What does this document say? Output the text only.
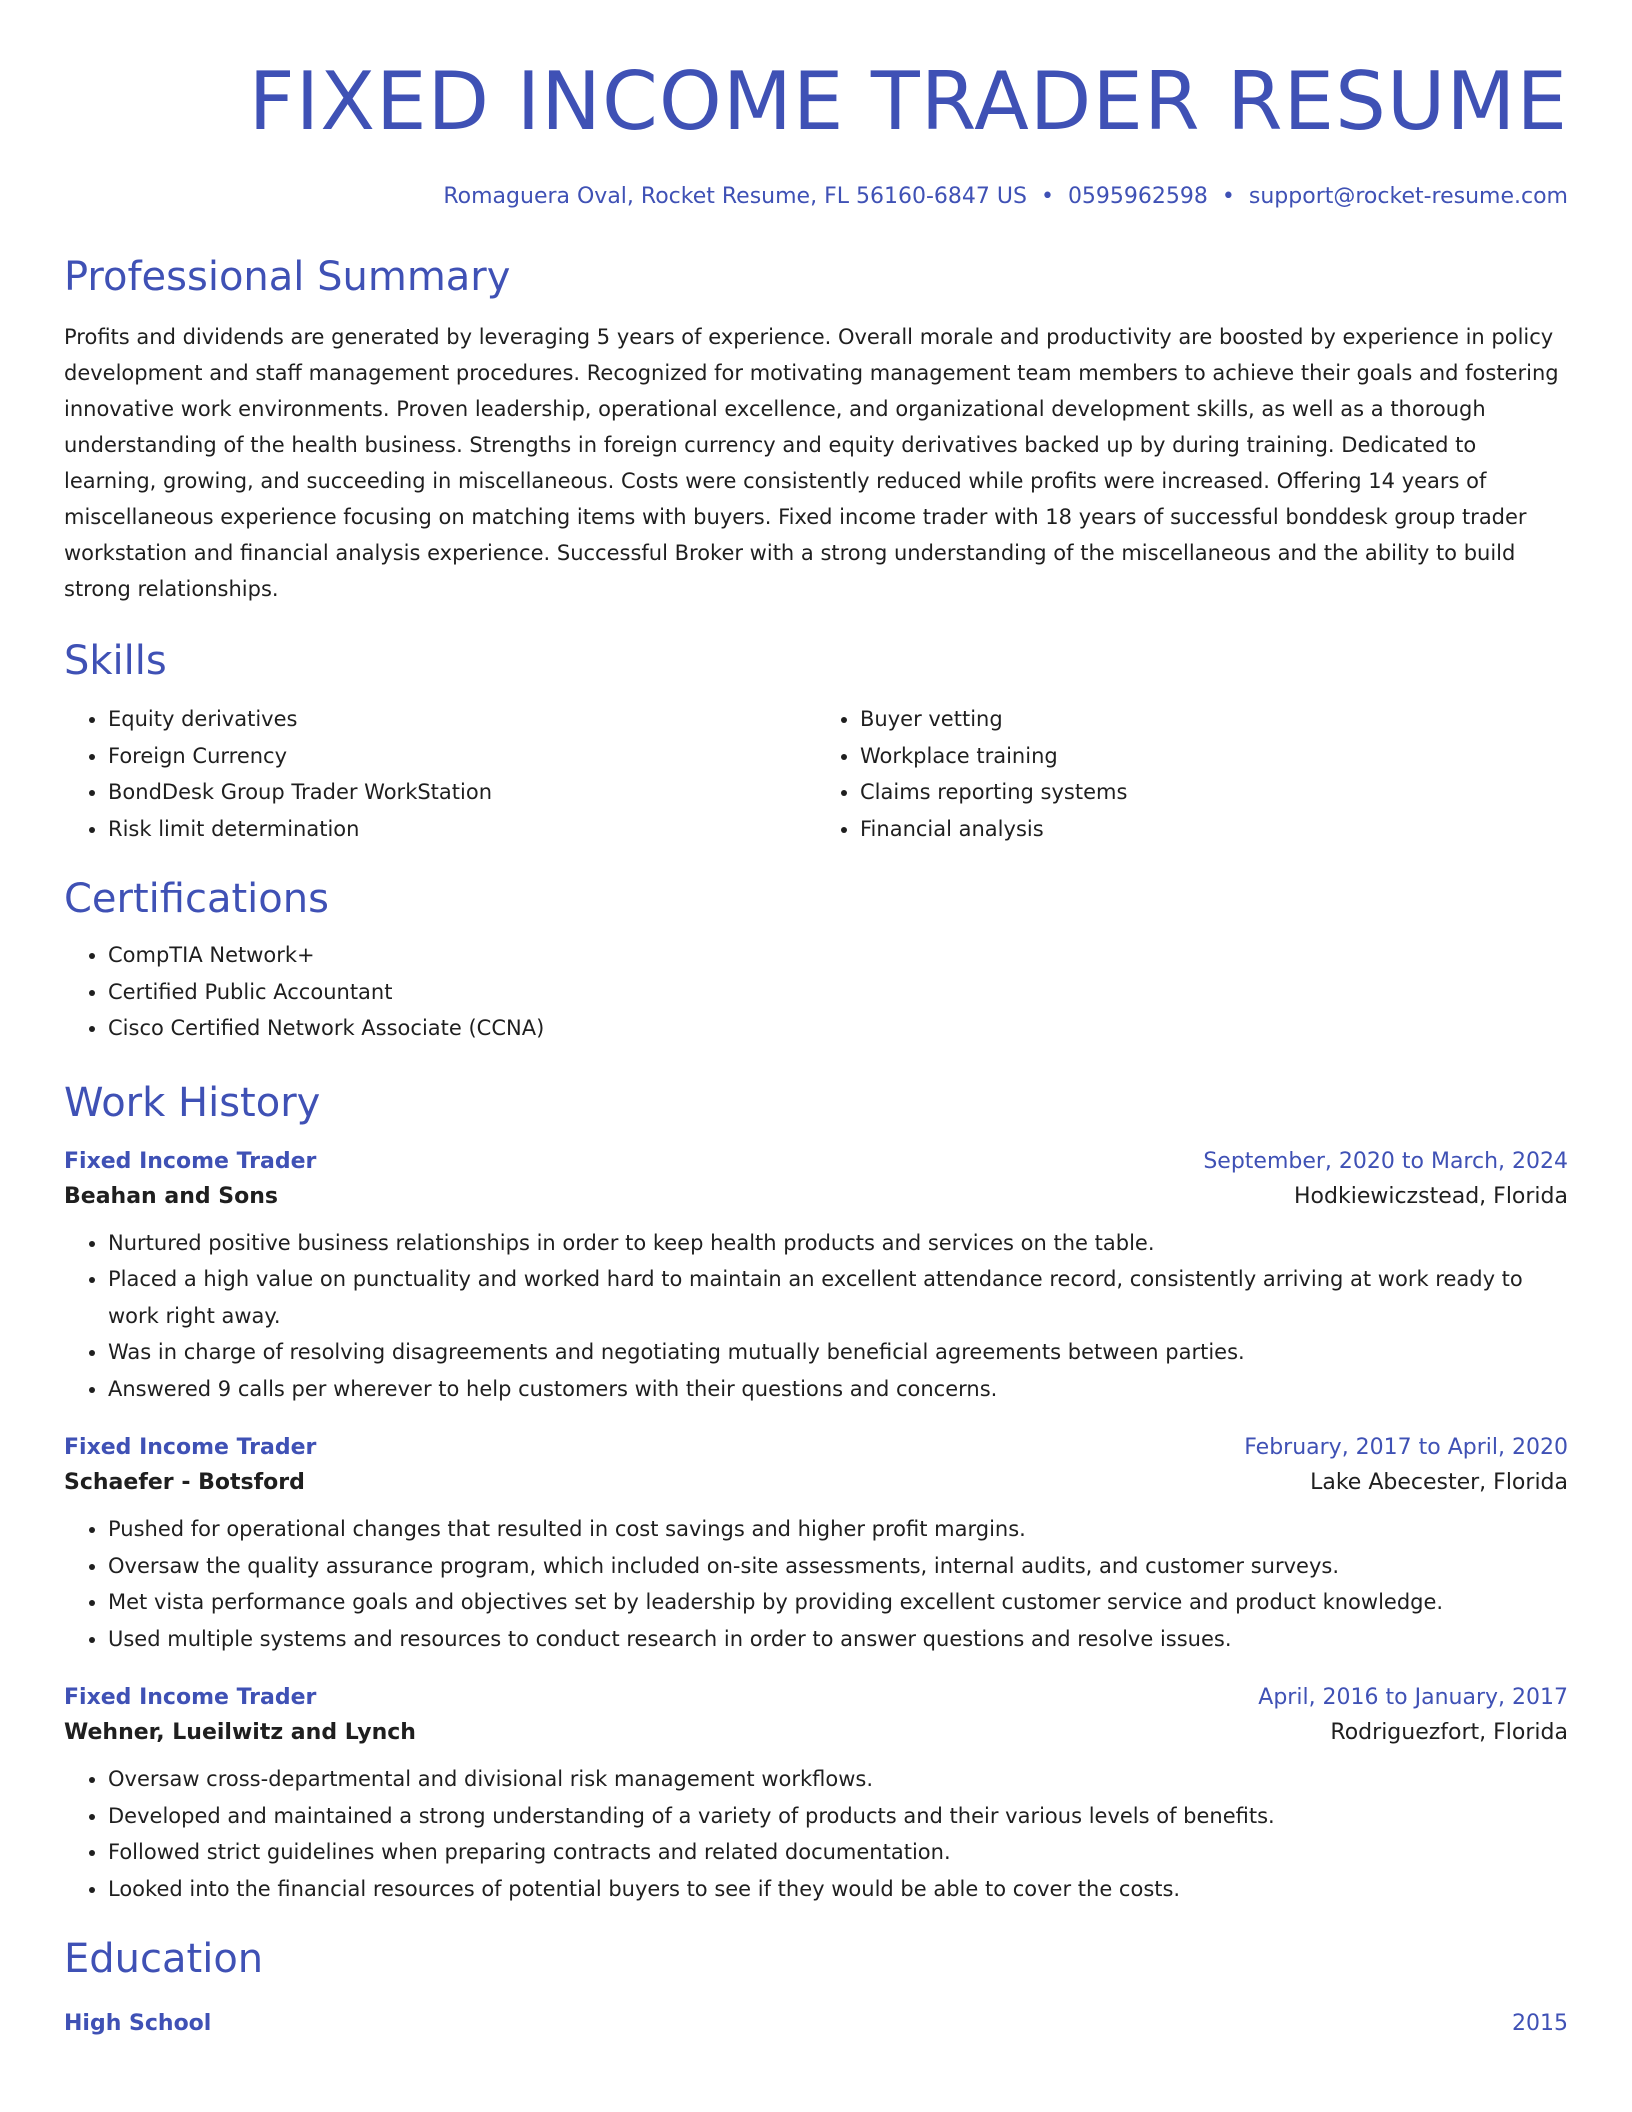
FIXED INCOME TRADER RESUME
Romaguera Oval, Rocket Resume, FL 56160-6847 US • 0595962598 • support@rocket-resume.com
Professional Summary
Profits and dividends are generated by leveraging 5 years of experience. Overall morale and productivity are boosted by experience in policy development and staff management procedures. Recognized for motivating management team members to achieve their goals and fostering innovative work environments. Proven leadership, operational excellence, and organizational development skills, as well as a thorough understanding of the health business. Strengths in foreign currency and equity derivatives backed up by during training. Dedicated to learning, growing, and succeeding in miscellaneous. Costs were consistently reduced while profits were increased. Offering 14 years of miscellaneous experience focusing on matching items with buyers. Fixed income trader with 18 years of successful bonddesk group trader workstation and financial analysis experience. Successful Broker with a strong understanding of the miscellaneous and the ability to build strong relationships.
Skills
• Equity derivatives
• Foreign Currency
• BondDesk Group Trader WorkStation
• Risk limit determination
• Buyer vetting
• Workplace training
• Claims reporting systems
• Financial analysis
Certifications
• CompTIA Network+
• Certified Public Accountant
• Cisco Certified Network Associate (CCNA)
Work History
Fixed Income Trader	September, 2020 to March, 2024
Beahan and Sons	Hodkiewiczstead, Florida
• Nurtured positive business relationships in order to keep health products and services on the table.
• Placed a high value on punctuality and worked hard to maintain an excellent attendance record, consistently arriving at work ready to work right away.
• Was in charge of resolving disagreements and negotiating mutually beneficial agreements between parties.
• Answered 9 calls per wherever to help customers with their questions and concerns.
Fixed Income Trader	February, 2017 to April, 2020
Schaefer - Botsford	Lake Abecester, Florida
• Pushed for operational changes that resulted in cost savings and higher profit margins.
• Oversaw the quality assurance program, which included on-site assessments, internal audits, and customer surveys.
• Met vista performance goals and objectives set by leadership by providing excellent customer service and product knowledge.
• Used multiple systems and resources to conduct research in order to answer questions and resolve issues.
Fixed Income Trader	April, 2016 to January, 2017
Wehner, Lueilwitz and Lynch	Rodriguezfort, Florida
• Oversaw cross-departmental and divisional risk management workflows.
• Developed and maintained a strong understanding of a variety of products and their various levels of benefits.
• Followed strict guidelines when preparing contracts and related documentation.
• Looked into the financial resources of potential buyers to see if they would be able to cover the costs.
Education
High School	2015
